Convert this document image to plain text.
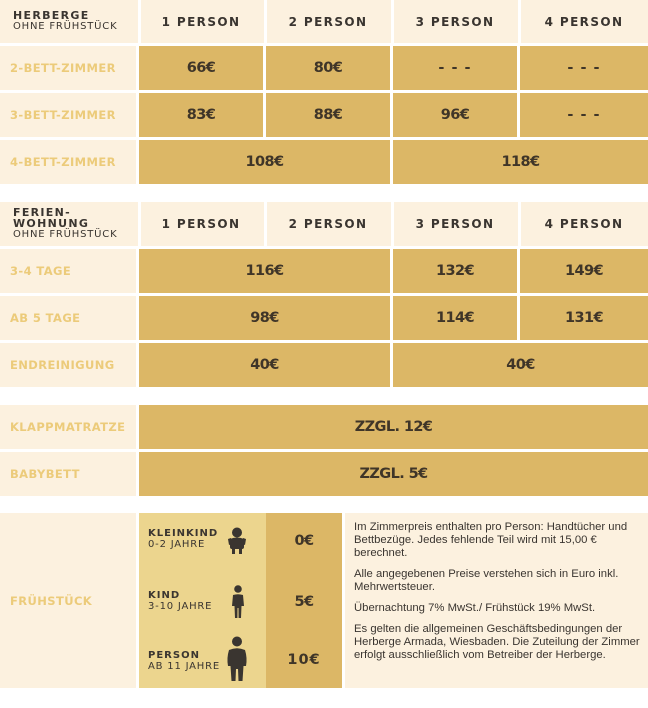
HERBERGE
OHNE FRÜHSTÜCK	1 PERSON	2 PERSON	3 PERSON	4 PERSON
2-BETT-ZIMMER	66€	80€	- - -	- - -
3-BETT-ZIMMER	83€	88€	96€	- - -
4-BETT-ZIMMER	108€	118€
FERIEN-
WOHNUNG
OHNE FRÜHSTÜCK
1 PERSON	2 PERSON	3 PERSON	4 PERSON
3-4 TAGE	116€	132€	149€
AB 5 TAGE	98€	114€	131€
ENDREINIGUNG	40€	40€
KLAPPMATRATZE	ZZGL. 12€
BABYBETT	ZZGL. 5€
FRÜHSTÜCK

Im Zimmerpreis enthalten pro Person: Handtücher und Bettbezüge. Jedes fehlende Teil wird mit 15,00 € berechnet.

Alle angegebenen Preise verstehen sich in Euro inkl. Mehrwertsteuer.

Übernachtung 7% MwSt./ Frühstück 19% MwSt.

Es gelten die allgemeinen Geschäftsbedingungen der Herberge Armada, Wiesbaden. Die Zuteilung der Zimmer erfolgt ausschließlich vom Betreiber der Herberge.

KLEINKIND
0-2 JAHRE	0€
KIND
3-10 JAHRE	5€
PERSON
AB 11 JAHRE	10€
